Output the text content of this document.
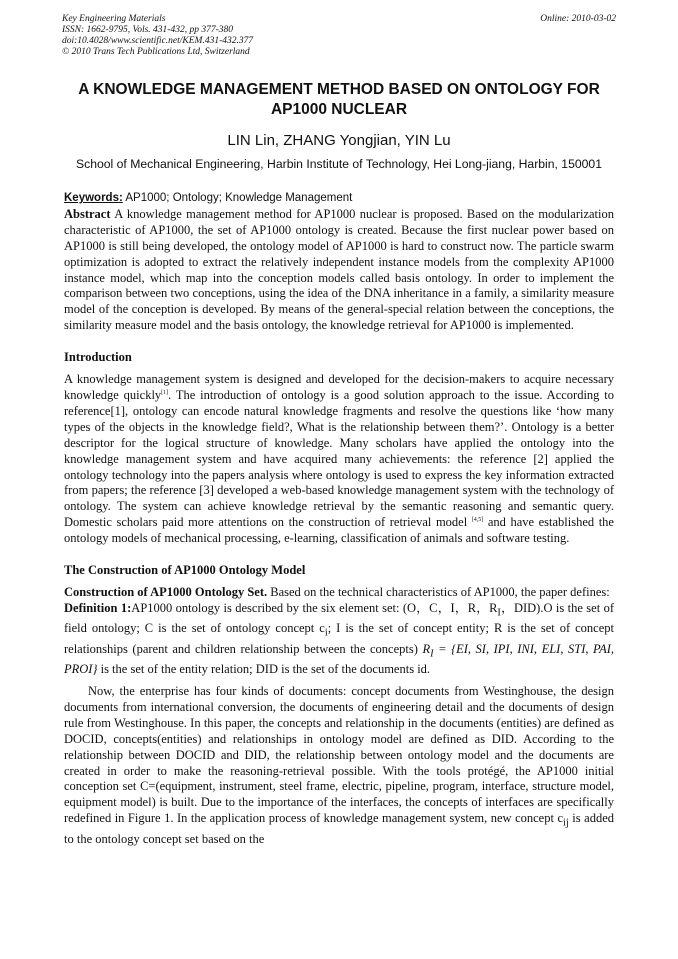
Key Engineering Materials
ISSN: 1662-9795, Vols. 431-432, pp 377-380
doi:10.4028/www.scientific.net/KEM.431-432.377
© 2010 Trans Tech Publications Ltd, Switzerland
Online: 2010-03-02
A KNOWLEDGE MANAGEMENT METHOD BASED ON ONTOLOGY FOR
AP1000 NUCLEAR
LIN Lin, ZHANG Yongjian, YIN Lu
School of Mechanical Engineering, Harbin Institute of Technology, Hei Long-jiang, Harbin, 150001

Keywords: AP1000; Ontology; Knowledge Management

Abstract A knowledge management method for AP1000 nuclear is proposed. Based on the modularization characteristic of AP1000, the set of AP1000 ontology is created. Because the first nuclear power based on AP1000 is still being developed, the ontology model of AP1000 is hard to construct now. The particle swarm optimization is adopted to extract the relatively independent instance models from the complexity AP1000 instance model, which map into the conception models called basis ontology. In order to implement the comparison between two conceptions, using the idea of the DNA inheritance in a family, a similarity measure model of the conception is developed. By means of the general-special relation between the conceptions, the similarity measure model and the basis ontology, the knowledge retrieval for AP1000 is implemented.

Introduction

A knowledge management system is designed and developed for the decision-makers to acquire necessary knowledge quickly[1]. The introduction of ontology is a good solution approach to the issue. According to reference[1], ontology can encode natural knowledge fragments and resolve the questions like ‘how many types of the objects in the knowledge field?, What is the relationship between them?’. Ontology is a better descriptor for the logical structure of knowledge. Many scholars have applied the ontology into the knowledge management system and have acquired many achievements: the reference [2] applied the ontology technology into the papers analysis where ontology is used to express the key information extracted from papers; the reference [3] developed a web-based knowledge management system with the technology of ontology. The system can achieve knowledge retrieval by the semantic reasoning and semantic query. Domestic scholars paid more attentions on the construction of retrieval model [4,5] and have established the ontology models of mechanical processing, e-learning, classification of animals and software testing.

The Construction of AP1000 Ontology Model

Construction of AP1000 Ontology Set. Based on the technical characteristics of AP1000, the paper defines:

Definition 1:AP1000 ontology is described by the six element set: (O，C，I，R，$R_I$，DID).O is the set of field ontology; C is the set of ontology concept $c_i$; I is the set of concept entity; R is the set of concept relationships (parent and children relationship between the concepts) $R_I = \{EI$, SI, IPI, INI, ELI, STI, PAI, PROI} is the set of the entity relation; DID is the set of the documents id.

Now, the enterprise has four kinds of documents: concept documents from Westinghouse, the design documents from international conversion, the documents of engineering detail and the documents of design rule from Westinghouse. In this paper, the concepts and relationship in the documents (entities) are defined as DOCID, concepts(entities) and relationships in ontology model are defined as DID. According to the relationship between DOCID and DID, the relationship between ontology model and the documents are created in order to make the reasoning-retrieval possible. With the tools protégé, the AP1000 initial conception set C=(equipment, instrument, steel frame, electric, pipeline, program, interface, structure model, equipment model) is built. Due to the importance of the interfaces, the concepts of interfaces are specifically redefined in Figure 1. In the application process of knowledge management system, new concept $c_{ij}$ is added to the ontology concept set based on the
